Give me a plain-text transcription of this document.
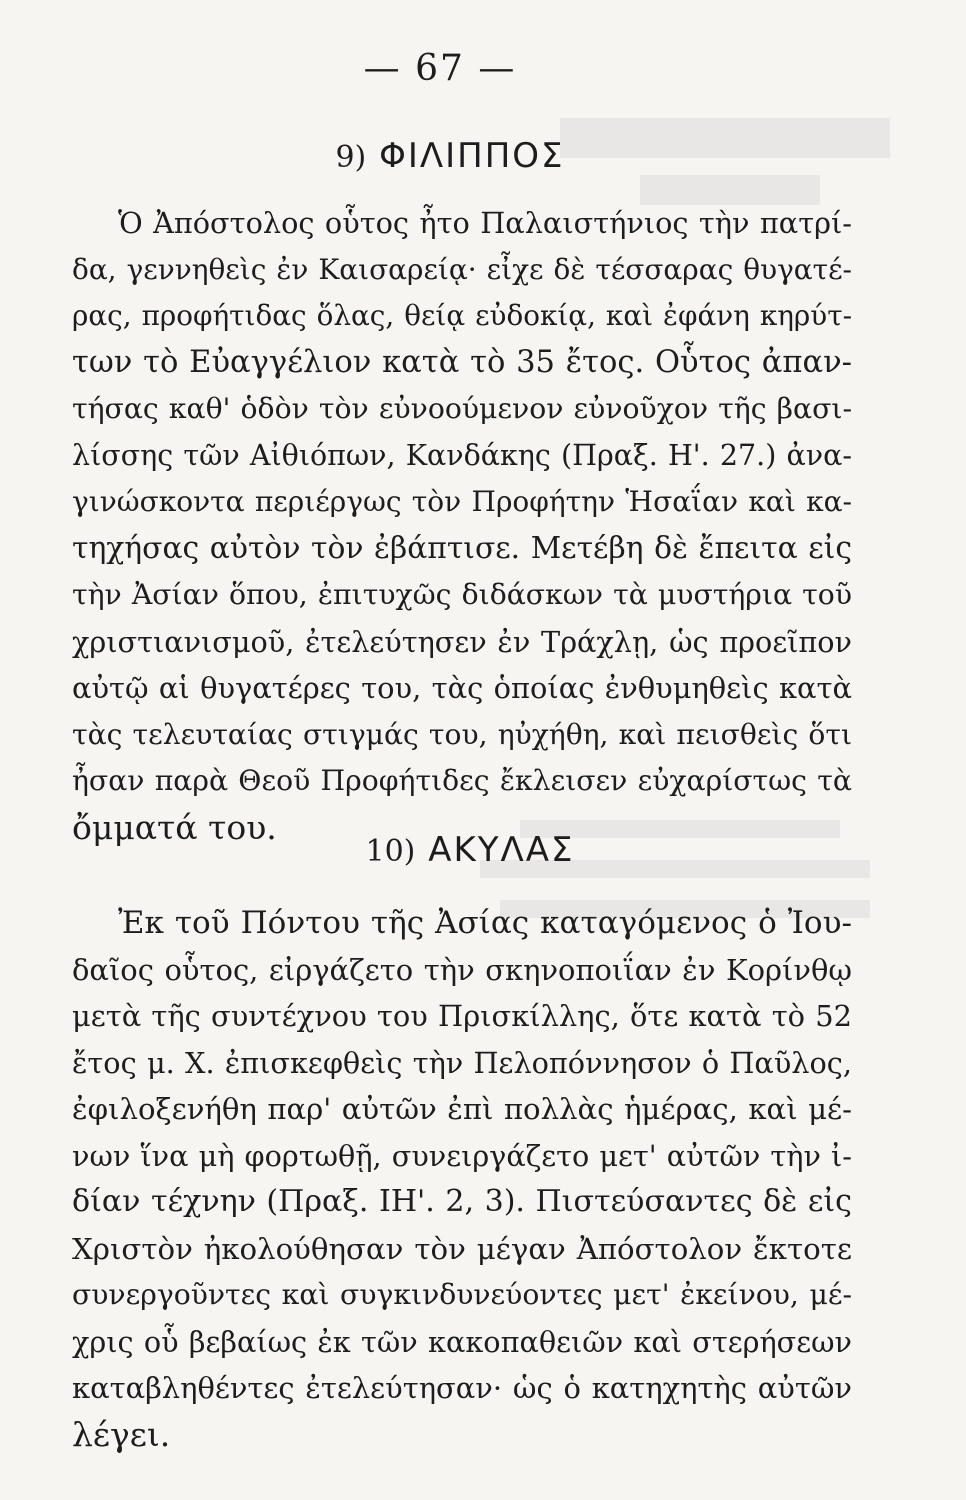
— 67 —
9) ΦΙΛΙΠΠΟΣ
Ὁ Ἀπόστολος οὗτος ἦτο Παλαιστήνιος τὴν πατρί-
δα, γεννηθεὶς ἐν Καισαρείᾳ· εἶχε δὲ τέσσαρας θυγατέ-
ρας, προφήτιδας ὅλας, θείᾳ εὐδοκίᾳ, καὶ ἐφάνη κηρύτ-
των τὸ Εὐαγγέλιον κατὰ τὸ 35 ἔτος. Οὗτος ἀπαν-
τήσας καθ' ὁδὸν τὸν εὐνοούμενον εὐνοῦχον τῆς βασι-
λίσσης τῶν Αἰθιόπων, Κανδάκης (Πραξ. Η'. 27.) ἀνα-
γινώσκοντα περιέργως τὸν Προφήτην Ἡσαΐαν καὶ κα-
τηχήσας αὐτὸν τὸν ἐβάπτισε. Μετέβη δὲ ἔπειτα εἰς
τὴν Ἀσίαν ὅπου, ἐπιτυχῶς διδάσκων τὰ μυστήρια τοῦ
χριστιανισμοῦ, ἐτελεύτησεν ἐν Τράχλῃ, ὡς προεῖπον
αὐτῷ αἱ θυγατέρες του, τὰς ὁποίας ἐνθυμηθεὶς κατὰ
τὰς τελευταίας στιγμάς του, ηὐχήθη, καὶ πεισθεὶς ὅτι
ἦσαν παρὰ Θεοῦ Προφήτιδες ἔκλεισεν εὐχαρίστως τὰ
ὄμματά του.
10) ΑΚΥΛΑΣ
Ἐκ τοῦ Πόντου τῆς Ἀσίας καταγόμενος ὁ Ἰου-
δαῖος οὗτος, εἰργάζετο τὴν σκηνοποιΐαν ἐν Κορίνθῳ
μετὰ τῆς συντέχνου του Πρισκίλλης, ὅτε κατὰ τὸ 52
ἔτος μ. Χ. ἐπισκεφθεὶς τὴν Πελοπόννησον ὁ Παῦλος,
ἐφιλοξενήθη παρ' αὐτῶν ἐπὶ πολλὰς ἡμέρας, καὶ μέ-
νων ἵνα μὴ φορτωθῇ, συνειργάζετο μετ' αὐτῶν τὴν ἰ-
δίαν τέχνην (Πραξ. ΙΗ'. 2, 3). Πιστεύσαντες δὲ εἰς
Χριστὸν ἠκολούθησαν τὸν μέγαν Ἀπόστολον ἔκτοτε
συνεργοῦντες καὶ συγκινδυνεύοντες μετ' ἐκείνου, μέ-
χρις οὗ βεβαίως ἐκ τῶν κακοπαθειῶν καὶ στερήσεων
καταβληθέντες ἐτελεύτησαν· ὡς ὁ κατηχητὴς αὐτῶν
λέγει.
